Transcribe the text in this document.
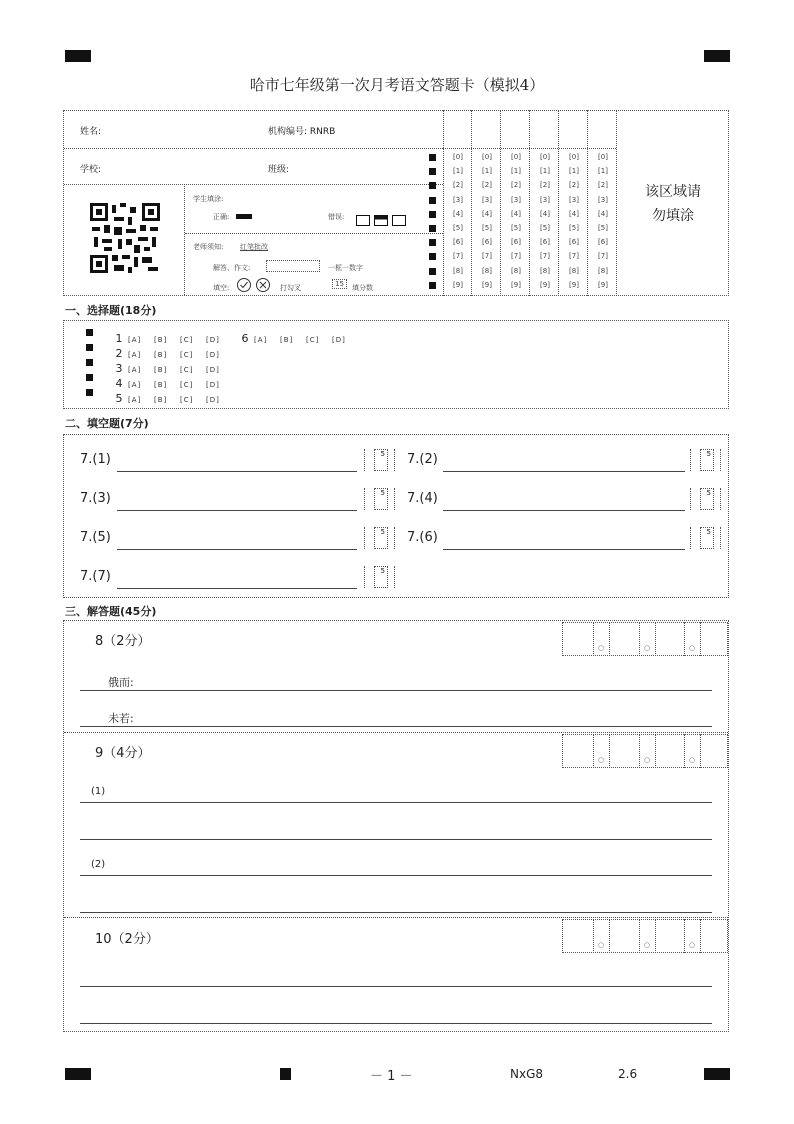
哈市七年级第一次月考语文答题卡（模拟4）
姓名:	机构编号: RNRB
学校:	班级:
学生填涂:
正确:	错误:
老师须知: 红笔批改
解答、作文:	一框一数字
填空:	打勾叉	15	填分数
[0]	[0]	[0]	[0]	[0]	[0]
[1]	[1]	[1]	[1]	[1]	[1]
[2]	[2]	[2]	[2]	[2]	[2]
[3]	[3]	[3]	[3]	[3]	[3]
[4]	[4]	[4]	[4]	[4]	[4]
[5]	[5]	[5]	[5]	[5]	[5]
[6]	[6]	[6]	[6]	[6]	[6]
[7]	[7]	[7]	[7]	[7]	[7]
[8]	[8]	[8]	[8]	[8]	[8]
[9]	[9]	[9]	[9]	[9]	[9]
该区域请
勿填涂
一、选择题(18分)
1 [A] [B] [C] [D] 6 [A] [B] [C] [D]
2 [A] [B] [C] [D]
3 [A] [B] [C] [D]
4 [A] [B] [C] [D]
5 [A] [B] [C] [D]
二、填空题(7分)
7.(1)	5 7.(2)	5
7.(3)	5 7.(4)	5
7.(5)	5 7.(6)	5
7.(7)	5
三、解答题(45分)
8（2分）
俄而:
未若:
9（4分）
(1)
(2)
10（2分）
○	○	○
○	○	○
○	○	○
－ 1 －	NxG8	2.6
